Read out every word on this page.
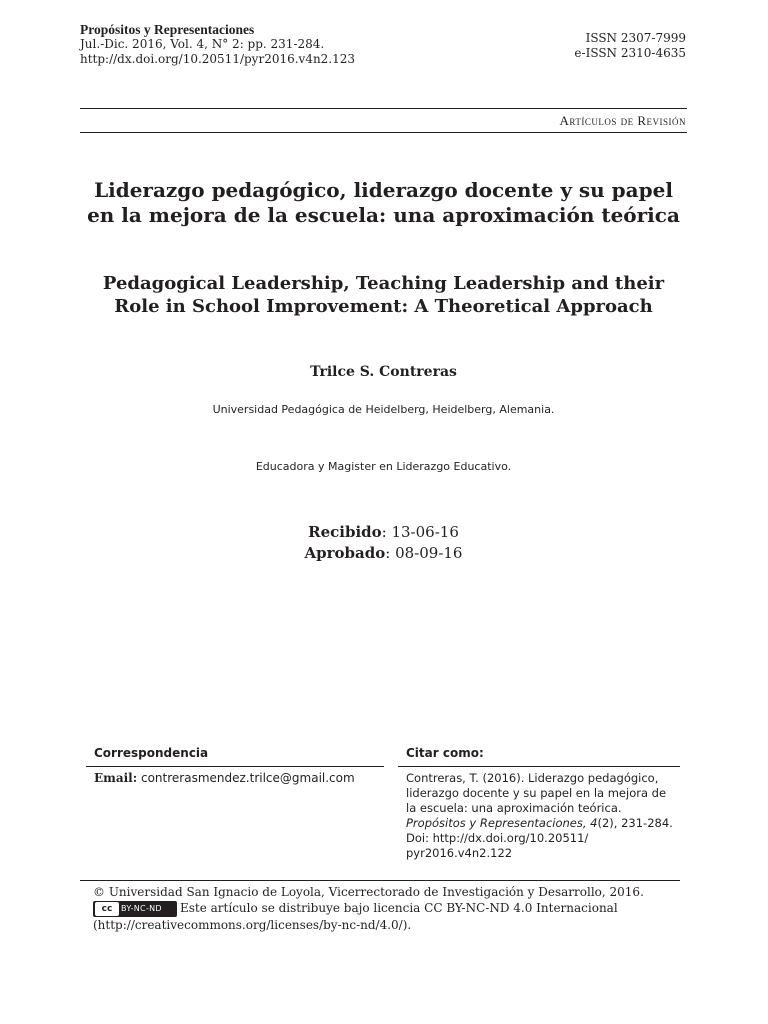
Propósitos y Representaciones
Jul.-Dic. 2016, Vol. 4, N° 2: pp. 231-284.
http://dx.doi.org/10.20511/pyr2016.v4n2.123
ISSN 2307-7999
e-ISSN 2310-4635
Artículos de Revisión
Liderazgo pedagógico, liderazgo docente y su papel en la mejora de la escuela: una aproximación teórica
Pedagogical Leadership, Teaching Leadership and their Role in School Improvement: A Theoretical Approach
Trilce S. Contreras
Universidad Pedagógica de Heidelberg, Heidelberg, Alemania.
Educadora y Magister en Liderazgo Educativo.
Recibido: 13-06-16
Aprobado: 08-09-16
Correspondencia	Citar como:
Email: contrerasmendez.trilce@gmail.com	Contreras, T. (2016). Liderazgo pedagógico, liderazgo docente y su papel en la mejora de la escuela: una aproximación teórica. Propósitos y Representaciones, 4(2), 231-284. Doi: http://dx.doi.org/10.20511/ pyr2016.v4n2.122
© Universidad San Ignacio de Loyola, Vicerrectorado de Investigación y Desarrollo, 2016.
cc	BY-NC-ND Este artículo se distribuye bajo licencia CC BY-NC-ND 4.0 Internacional
(http://creativecommons.org/licenses/by-nc-nd/4.0/).
